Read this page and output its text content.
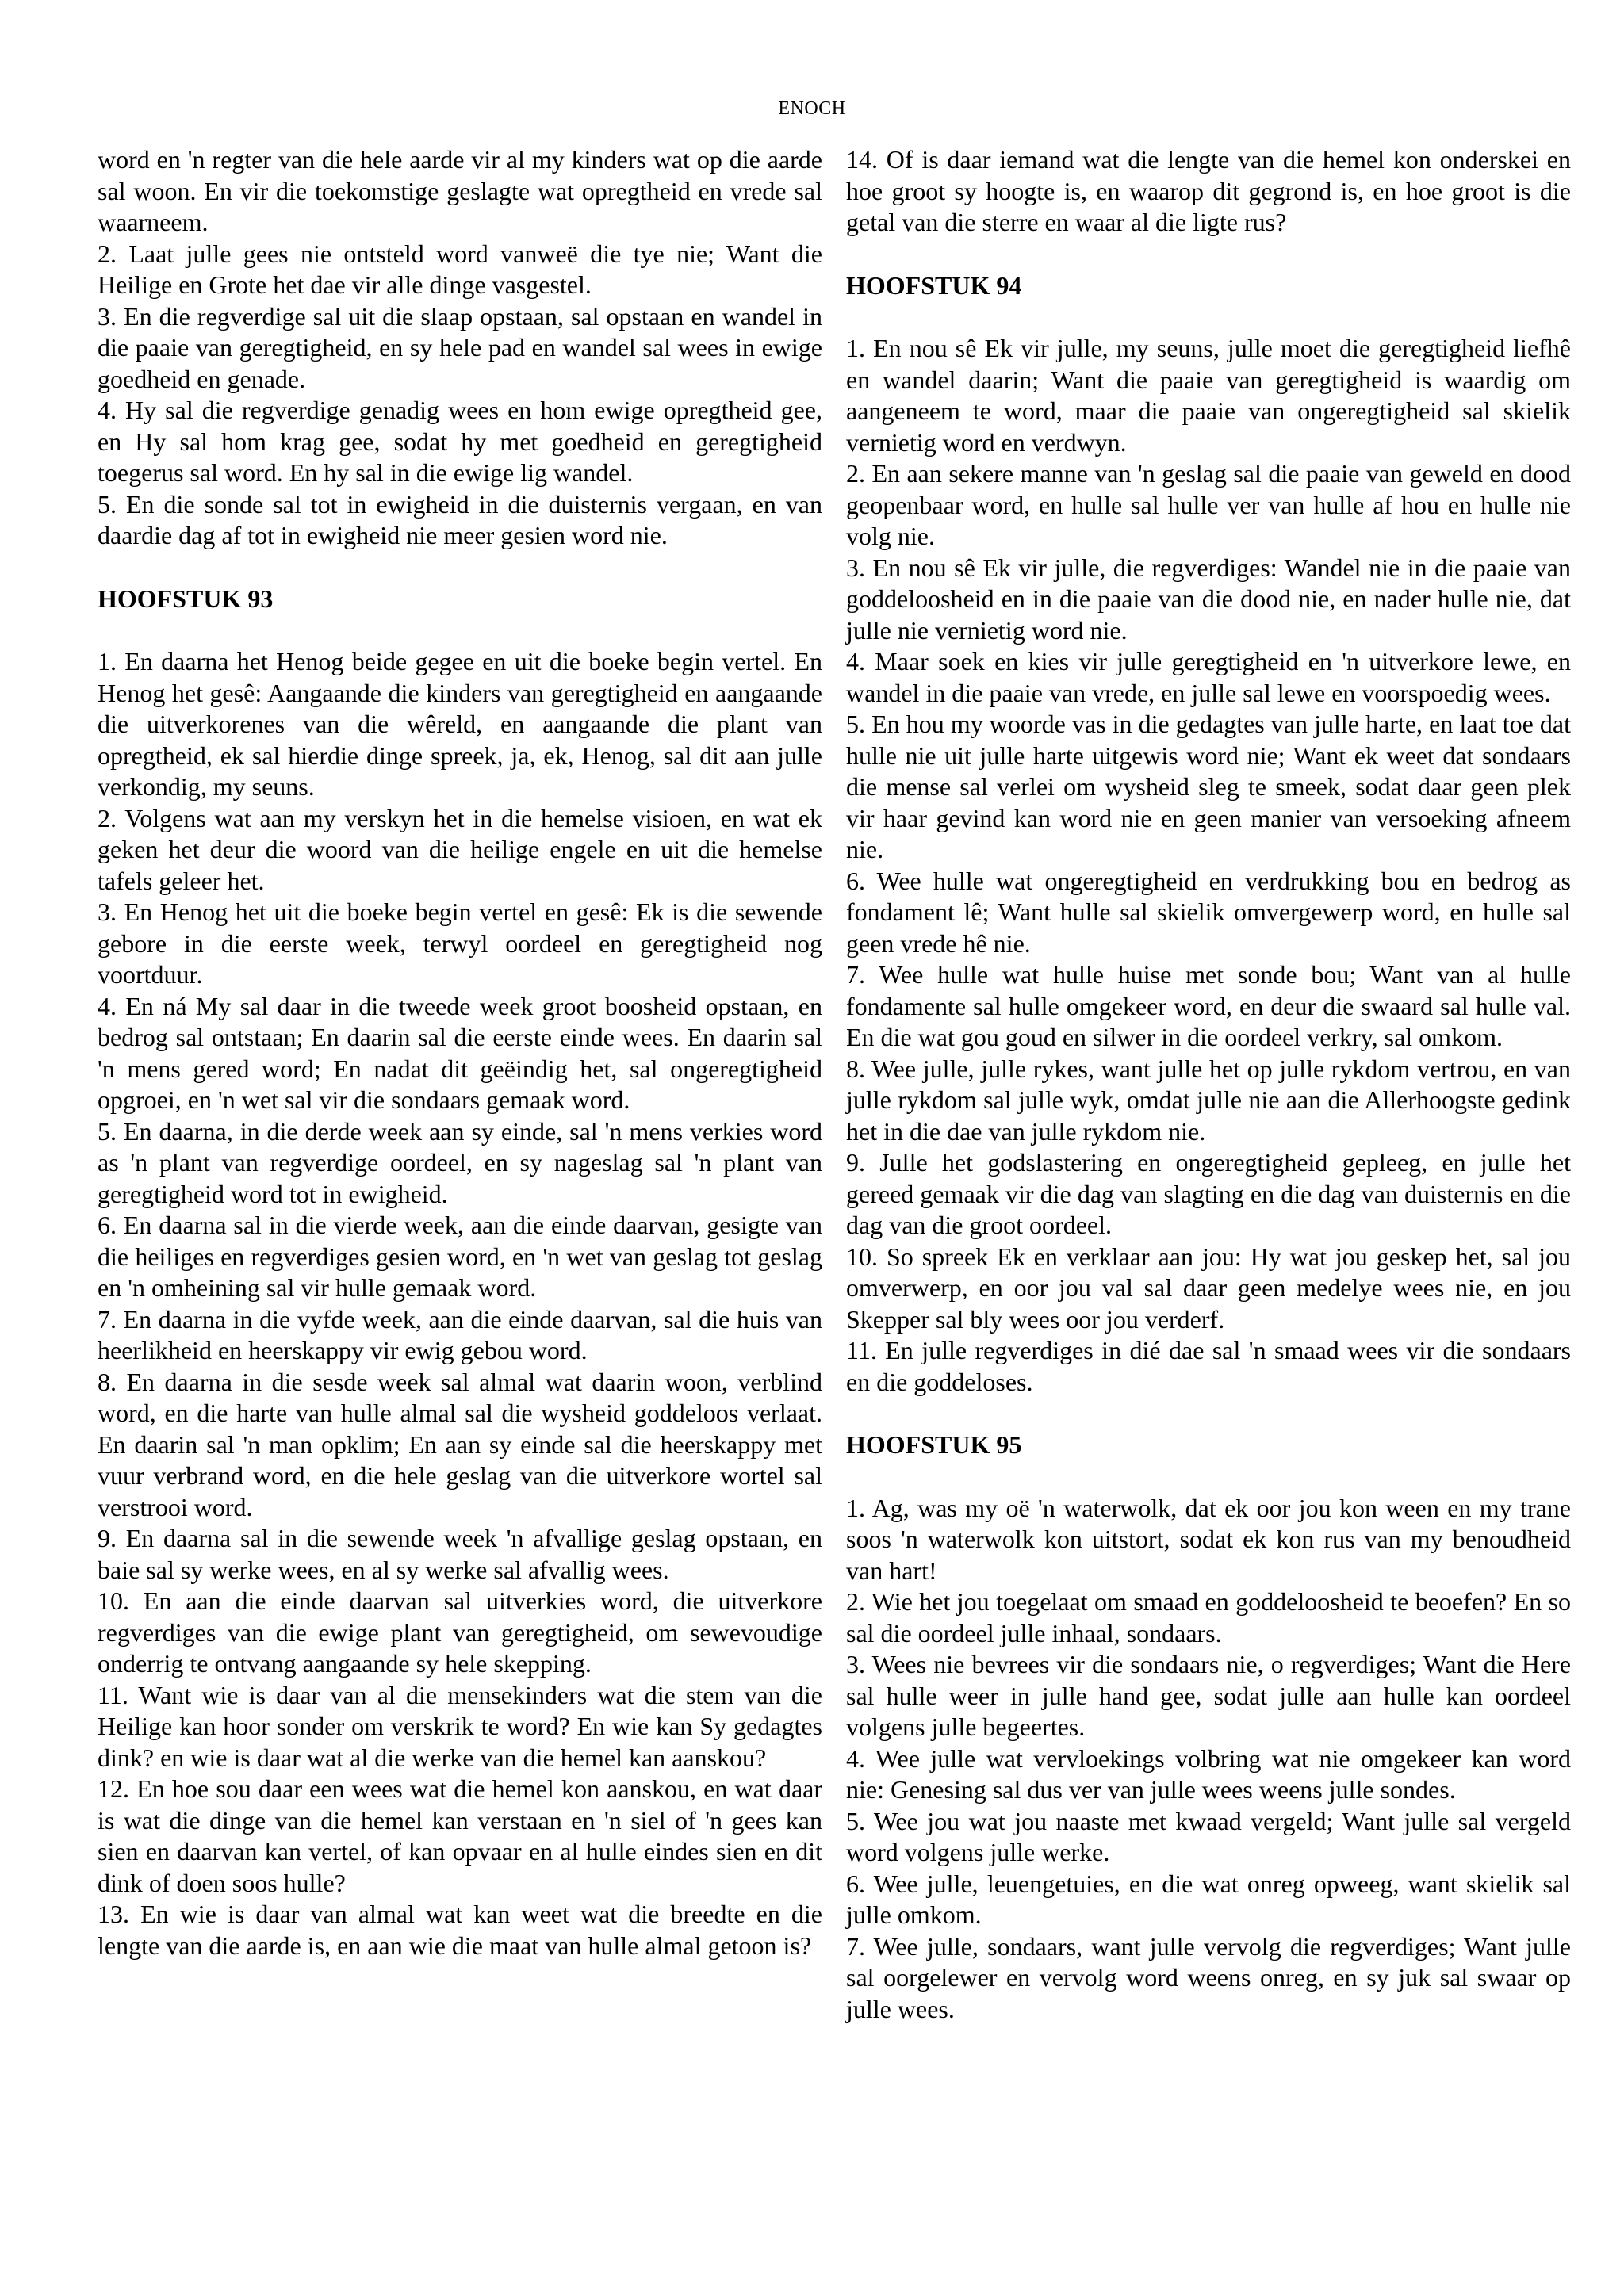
ENOCH

word en 'n regter van die hele aarde vir al my kinders wat op die aarde sal woon. En vir die toekomstige geslagte wat opregtheid en vrede sal waarneem.

2. Laat julle gees nie ontsteld word vanweë die tye nie; Want die Heilige en Grote het dae vir alle dinge vasgestel.

3. En die regverdige sal uit die slaap opstaan, sal opstaan en wandel in die paaie van geregtigheid, en sy hele pad en wandel sal wees in ewige goedheid en genade.

4. Hy sal die regverdige genadig wees en hom ewige opregtheid gee, en Hy sal hom krag gee, sodat hy met goedheid en geregtigheid toegerus sal word. En hy sal in die ewige lig wandel.

5. En die sonde sal tot in ewigheid in die duisternis vergaan, en van daardie dag af tot in ewigheid nie meer gesien word nie.

HOOFSTUK 93

1. En daarna het Henog beide gegee en uit die boeke begin vertel. En Henog het gesê: Aangaande die kinders van geregtigheid en aangaande die uitverkorenes van die wêreld, en aangaande die plant van opregtheid, ek sal hierdie dinge spreek, ja, ek, Henog, sal dit aan julle verkondig, my seuns.

2. Volgens wat aan my verskyn het in die hemelse visioen, en wat ek geken het deur die woord van die heilige engele en uit die hemelse tafels geleer het.

3. En Henog het uit die boeke begin vertel en gesê: Ek is die sewende gebore in die eerste week, terwyl oordeel en geregtigheid nog voortduur.

4. En ná My sal daar in die tweede week groot boosheid opstaan, en bedrog sal ontstaan; En daarin sal die eerste einde wees. En daarin sal 'n mens gered word; En nadat dit geëindig het, sal ongeregtigheid opgroei, en 'n wet sal vir die sondaars gemaak word.

5. En daarna, in die derde week aan sy einde, sal 'n mens verkies word as 'n plant van regverdige oordeel, en sy nageslag sal 'n plant van geregtigheid word tot in ewigheid.

6. En daarna sal in die vierde week, aan die einde daarvan, gesigte van die heiliges en regverdiges gesien word, en 'n wet van geslag tot geslag en 'n omheining sal vir hulle gemaak word.

7. En daarna in die vyfde week, aan die einde daarvan, sal die huis van heerlikheid en heerskappy vir ewig gebou word.

8. En daarna in die sesde week sal almal wat daarin woon, verblind word, en die harte van hulle almal sal die wysheid goddeloos verlaat. En daarin sal 'n man opklim; En aan sy einde sal die heerskappy met vuur verbrand word, en die hele geslag van die uitverkore wortel sal verstrooi word.

9. En daarna sal in die sewende week 'n afvallige geslag opstaan, en baie sal sy werke wees, en al sy werke sal afvallig wees.

10. En aan die einde daarvan sal uitverkies word, die uitverkore regverdiges van die ewige plant van geregtigheid, om sewevoudige onderrig te ontvang aangaande sy hele skepping.

11. Want wie is daar van al die mensekinders wat die stem van die Heilige kan hoor sonder om verskrik te word? En wie kan Sy gedagtes dink? en wie is daar wat al die werke van die hemel kan aanskou?

12. En hoe sou daar een wees wat die hemel kon aanskou, en wat daar is wat die dinge van die hemel kan verstaan en 'n siel of 'n gees kan sien en daarvan kan vertel, of kan opvaar en al hulle eindes sien en dit dink of doen soos hulle?

13. En wie is daar van almal wat kan weet wat die breedte en die lengte van die aarde is, en aan wie die maat van hulle almal getoon is?

14. Of is daar iemand wat die lengte van die hemel kon onderskei en hoe groot sy hoogte is, en waarop dit gegrond is, en hoe groot is die getal van die sterre en waar al die ligte rus?

HOOFSTUK 94

1. En nou sê Ek vir julle, my seuns, julle moet die geregtigheid liefhê en wandel daarin; Want die paaie van geregtigheid is waardig om aangeneem te word, maar die paaie van ongeregtigheid sal skielik vernietig word en verdwyn.

2. En aan sekere manne van 'n geslag sal die paaie van geweld en dood geopenbaar word, en hulle sal hulle ver van hulle af hou en hulle nie volg nie.

3. En nou sê Ek vir julle, die regverdiges: Wandel nie in die paaie van goddeloosheid en in die paaie van die dood nie, en nader hulle nie, dat julle nie vernietig word nie.

4. Maar soek en kies vir julle geregtigheid en 'n uitverkore lewe, en wandel in die paaie van vrede, en julle sal lewe en voorspoedig wees.

5. En hou my woorde vas in die gedagtes van julle harte, en laat toe dat hulle nie uit julle harte uitgewis word nie; Want ek weet dat sondaars die mense sal verlei om wysheid sleg te smeek, sodat daar geen plek vir haar gevind kan word nie en geen manier van versoeking afneem nie.

6. Wee hulle wat ongeregtigheid en verdrukking bou en bedrog as fondament lê; Want hulle sal skielik omvergewerp word, en hulle sal geen vrede hê nie.

7. Wee hulle wat hulle huise met sonde bou; Want van al hulle fondamente sal hulle omgekeer word, en deur die swaard sal hulle val. En die wat gou goud en silwer in die oordeel verkry, sal omkom.

8. Wee julle, julle rykes, want julle het op julle rykdom vertrou, en van julle rykdom sal julle wyk, omdat julle nie aan die Allerhoogste gedink het in die dae van julle rykdom nie.

9. Julle het godslastering en ongeregtigheid gepleeg, en julle het gereed gemaak vir die dag van slagting en die dag van duisternis en die dag van die groot oordeel.

10. So spreek Ek en verklaar aan jou: Hy wat jou geskep het, sal jou omverwerp, en oor jou val sal daar geen medelye wees nie, en jou Skepper sal bly wees oor jou verderf.

11. En julle regverdiges in dié dae sal 'n smaad wees vir die sondaars en die goddeloses.

HOOFSTUK 95

1. Ag, was my oë 'n waterwolk, dat ek oor jou kon ween en my trane soos 'n waterwolk kon uitstort, sodat ek kon rus van my benoudheid van hart!

2. Wie het jou toegelaat om smaad en goddeloosheid te beoefen? En so sal die oordeel julle inhaal, sondaars.

3. Wees nie bevrees vir die sondaars nie, o regverdiges; Want die Here sal hulle weer in julle hand gee, sodat julle aan hulle kan oordeel volgens julle begeertes.

4. Wee julle wat vervloekings volbring wat nie omgekeer kan word nie: Genesing sal dus ver van julle wees weens julle sondes.

5. Wee jou wat jou naaste met kwaad vergeld; Want julle sal vergeld word volgens julle werke.

6. Wee julle, leuengetuies, en die wat onreg opweeg, want skielik sal julle omkom.

7. Wee julle, sondaars, want julle vervolg die regverdiges; Want julle sal oorgelewer en vervolg word weens onreg, en sy juk sal swaar op julle wees.
